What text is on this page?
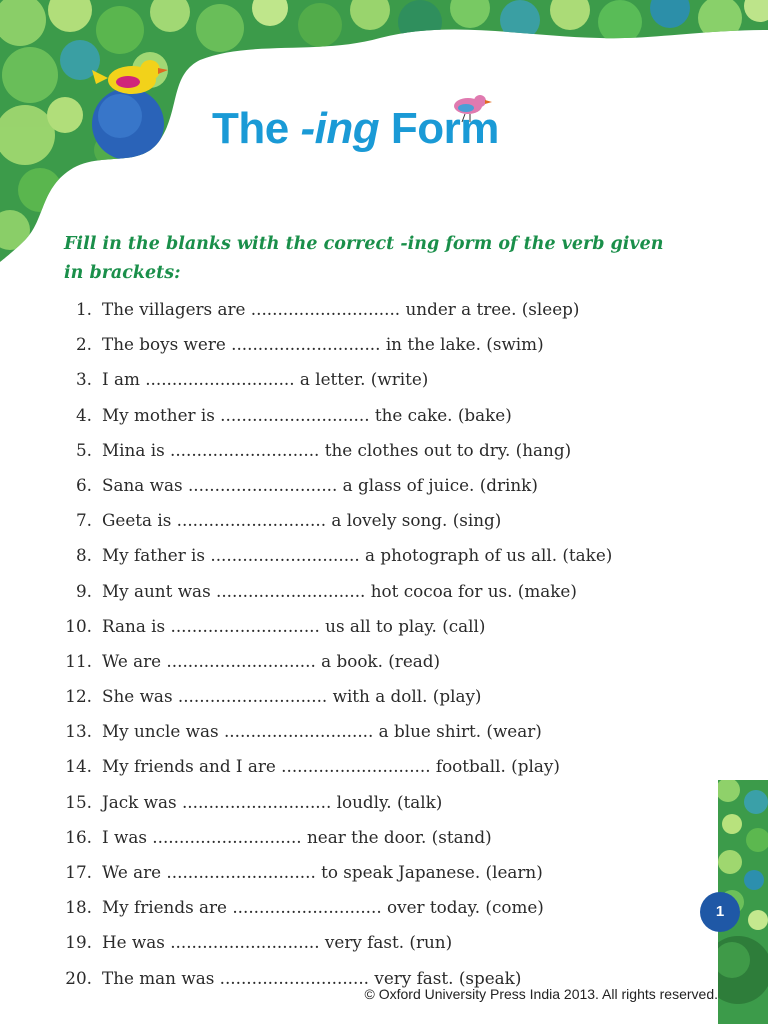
The -ing Form
Fill in the blanks with the correct -ing form of the verb given in brackets:
1. The villagers are ............................ under a tree. (sleep)
2. The boys were ............................ in the lake. (swim)
3. I am ............................ a letter. (write)
4. My mother is ............................ the cake. (bake)
5. Mina is ............................ the clothes out to dry. (hang)
6. Sana was ............................ a glass of juice. (drink)
7. Geeta is ............................ a lovely song. (sing)
8. My father is ............................ a photograph of us all. (take)
9. My aunt was ............................ hot cocoa for us. (make)
10. Rana is ............................ us all to play. (call)
11. We are ............................ a book. (read)
12. She was ............................ with a doll. (play)
13. My uncle was ............................ a blue shirt. (wear)
14. My friends and I are ............................ football. (play)
15. Jack was ............................ loudly. (talk)
16. I was ............................ near the door. (stand)
17. We are ............................ to speak Japanese. (learn)
18. My friends are ............................ over today. (come)
19. He was ............................ very fast. (run)
20. The man was ............................ very fast. (speak)
1
© Oxford University Press India 2013. All rights reserved.
